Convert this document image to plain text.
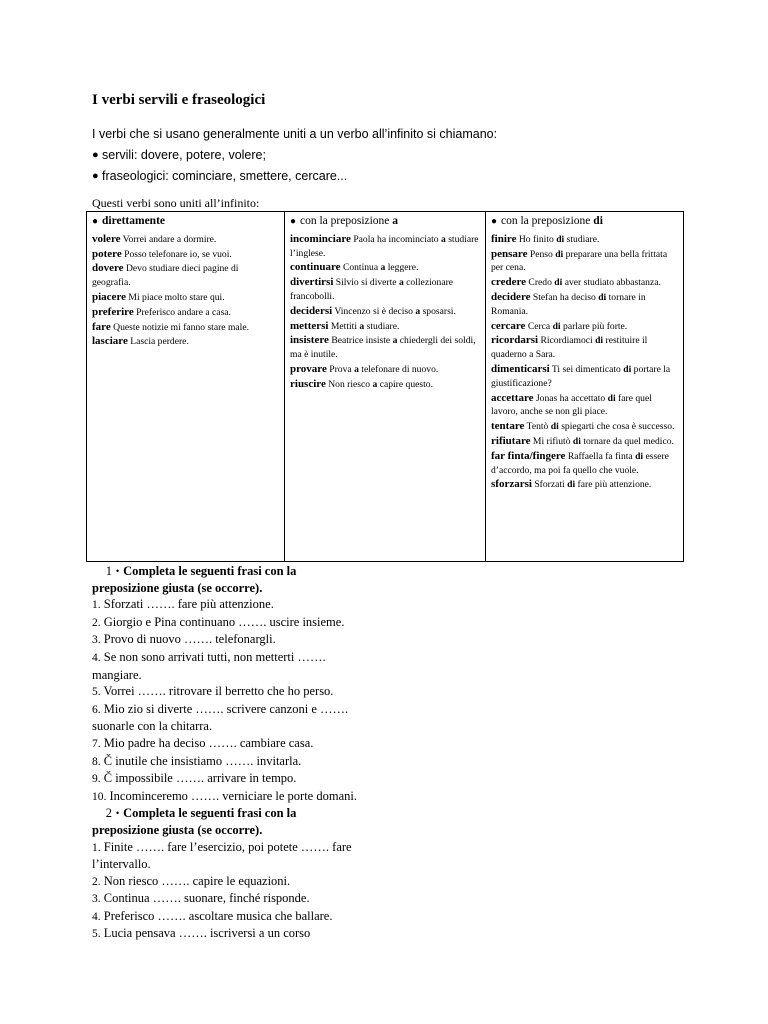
I verbi servili e fraseologici
I verbi che si usano generalmente uniti a un verbo all’infinito si chiamano:
● servili: dovere, potere, volere;
● fraseologici: cominciare, smettere, cercare...
Questi verbi sono uniti all’infinito:
● direttamente
volere Vorrei andare a dormire.
potere Posso telefonare io, se vuoi.
dovere Devo studiare dieci pagine di geografia.
piacere Mi piace molto stare qui.
preferire Preferisco andare a casa.
fare Queste notizie mi fanno stare male.
lasciare Lascia perdere.
● con la preposizione a
incominciare Paola ha incominciato a studiare l’inglese.
continuare Continua a leggere.
divertirsi Silvio si diverte a collezionare francobolli.
decidersi Vincenzo si è deciso a sposarsi.
mettersi Mettiti a studiare.
insistere Beatrice insiste a chiedergli dei soldi, ma è inutile.
provare Prova a telefonare di nuovo.
riuscire Non riesco a capire questo.
● con la preposizione di
finire Ho finito di studiare.
pensare Penso di preparare una bella frittata per cena.
credere Credo di aver studiato abbastanza.
decidere Stefan ha deciso di tornare in Romania.
cercare Cerca di parlare più forte.
ricordarsi Ricordiamoci di restituire il quaderno a Sara.
dimenticarsi Ti sei dimenticato di portare la giustificazione?
accettare Jonas ha accettato di fare quel lavoro, anche se non gli piace.
tentare Tentò di spiegarti che cosa è successo.
rifiutare Mi rifiutò di tornare da quel medico.
far finta/fingere Raffaella fa finta di essere d’accordo, ma poi fa quello che vuole.
sforzarsi Sforzati di fare più attenzione.
1 • Completa le seguenti frasi con la preposizione giusta (se occorre).
1. Sforzati ……. fare più attenzione.
2. Giorgio e Pina continuano ……. uscire insieme.
3. Provo di nuovo ……. telefonargli.
4. Se non sono arrivati tutti, non metterti ……. mangiare.
5. Vorrei ……. ritrovare il berretto che ho perso.
6. Mio zio si diverte ……. scrivere canzoni e ……. suonarle con la chitarra.
7. Mio padre ha deciso ……. cambiare casa.
8. Č inutile che insistiamo ……. invitarla.
9. Č impossibile ……. arrivare in tempo.
10. Incominceremo ……. verniciare le porte domani.
2 • Completa le seguenti frasi con la preposizione giusta (se occorre).
1. Finite ……. fare l’esercizio, poi potete ……. fare l’intervallo.
2. Non riesco ……. capire le equazioni.
3. Continua ……. suonare, finché risponde.
4. Preferisco ……. ascoltare musica che ballare.
5. Lucia pensava ……. iscriversi a un corso
